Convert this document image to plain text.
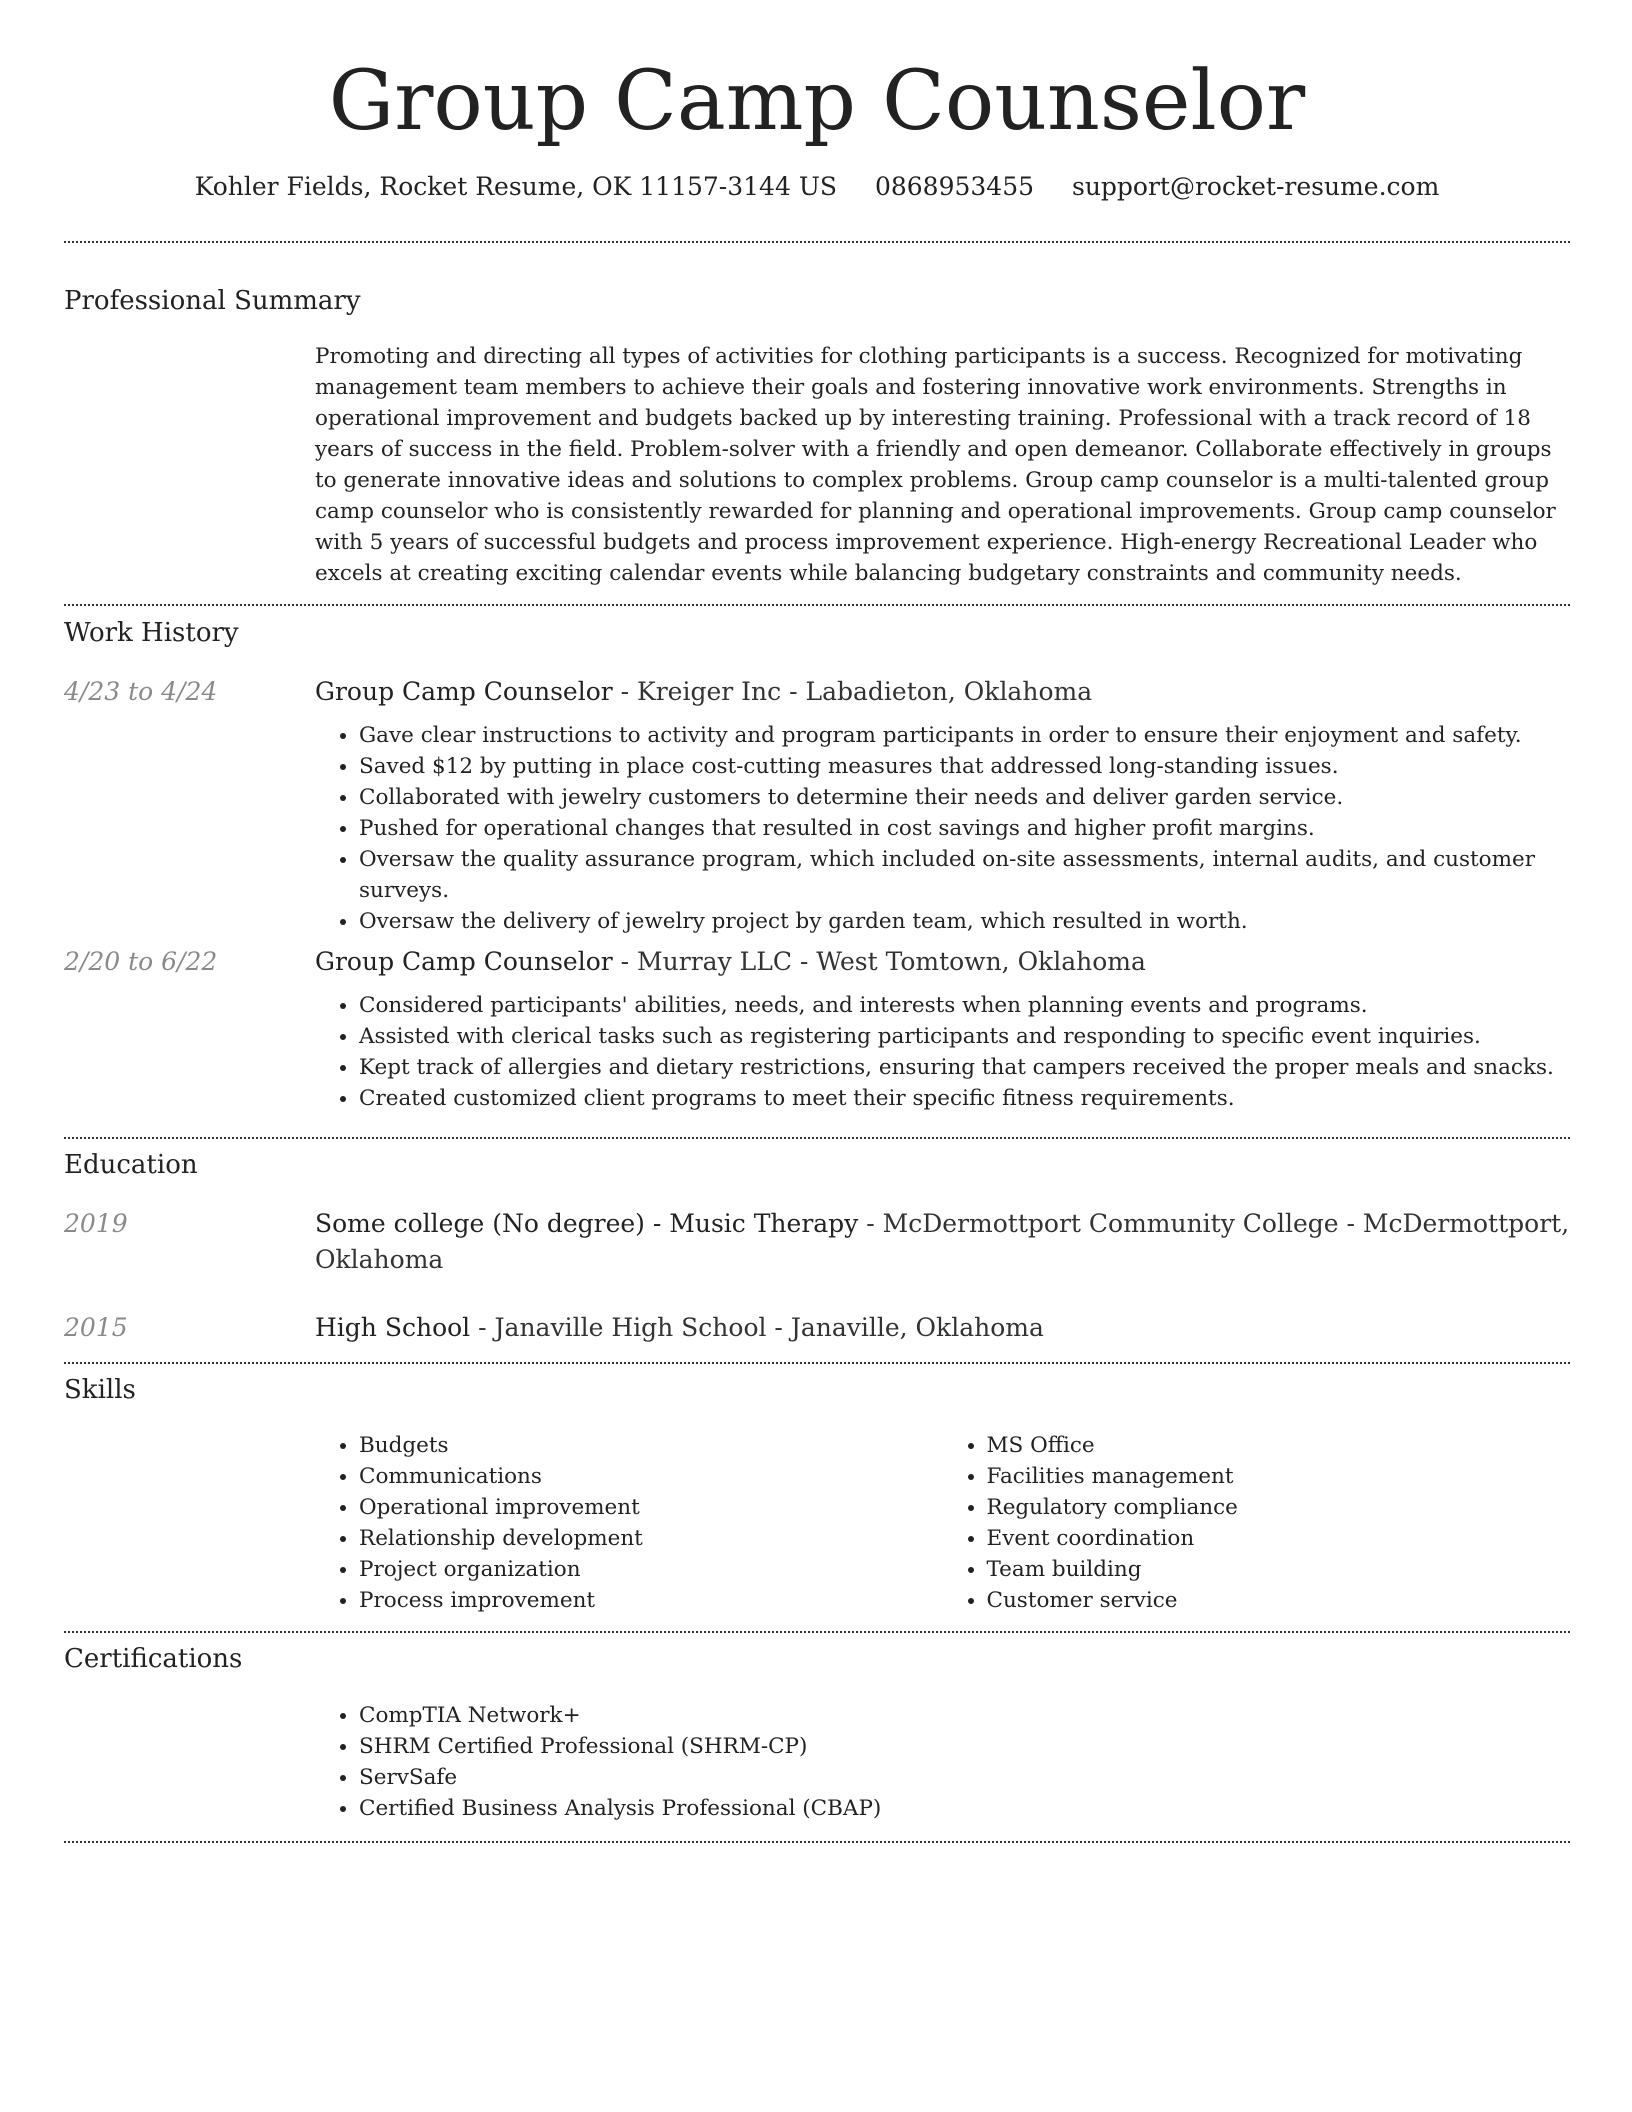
Group Camp Counselor
Kohler Fields, Rocket Resume, OK 11157-3144 US 0868953455 support@rocket-resume.com
Professional Summary

Promoting and directing all types of activities for clothing participants is a success. Recognized for motivating management team members to achieve their goals and fostering innovative work environments. Strengths in operational improvement and budgets backed up by interesting training. Professional with a track record of 18 years of success in the field. Problem-solver with a friendly and open demeanor. Collaborate effectively in groups to generate innovative ideas and solutions to complex problems. Group camp counselor is a multi-talented group camp counselor who is consistently rewarded for planning and operational improvements. Group camp counselor with 5 years of successful budgets and process improvement experience. High-energy Recreational Leader who excels at creating exciting calendar events while balancing budgetary constraints and community needs.

Work History
4/23 to 4/24	Group Camp Counselor - Kreiger Inc - Labadieton, Oklahoma

• Gave clear instructions to activity and program participants in order to ensure their enjoyment and safety.
• Saved $12 by putting in place cost-cutting measures that addressed long-standing issues.
• Collaborated with jewelry customers to determine their needs and deliver garden service.
• Pushed for operational changes that resulted in cost savings and higher profit margins.
• Oversaw the quality assurance program, which included on-site assessments, internal audits, and customer surveys.
• Oversaw the delivery of jewelry project by garden team, which resulted in worth.
2/20 to 6/22	Group Camp Counselor - Murray LLC - West Tomtown, Oklahoma

• Considered participants' abilities, needs, and interests when planning events and programs.
• Assisted with clerical tasks such as registering participants and responding to specific event inquiries.
• Kept track of allergies and dietary restrictions, ensuring that campers received the proper meals and snacks.
• Created customized client programs to meet their specific fitness requirements.
Education
2019	Some college (No degree) - Music Therapy - McDermottport Community College - McDermottport, Oklahoma

2015	High School - Janaville High School - Janaville, Oklahoma

Skills
• Budgets
• Communications
• Operational improvement
• Relationship development
• Project organization
• Process improvement
• MS Office
• Facilities management
• Regulatory compliance
• Event coordination
• Team building
• Customer service
Certifications
• CompTIA Network+
• SHRM Certified Professional (SHRM-CP)
• ServSafe
• Certified Business Analysis Professional (CBAP)
